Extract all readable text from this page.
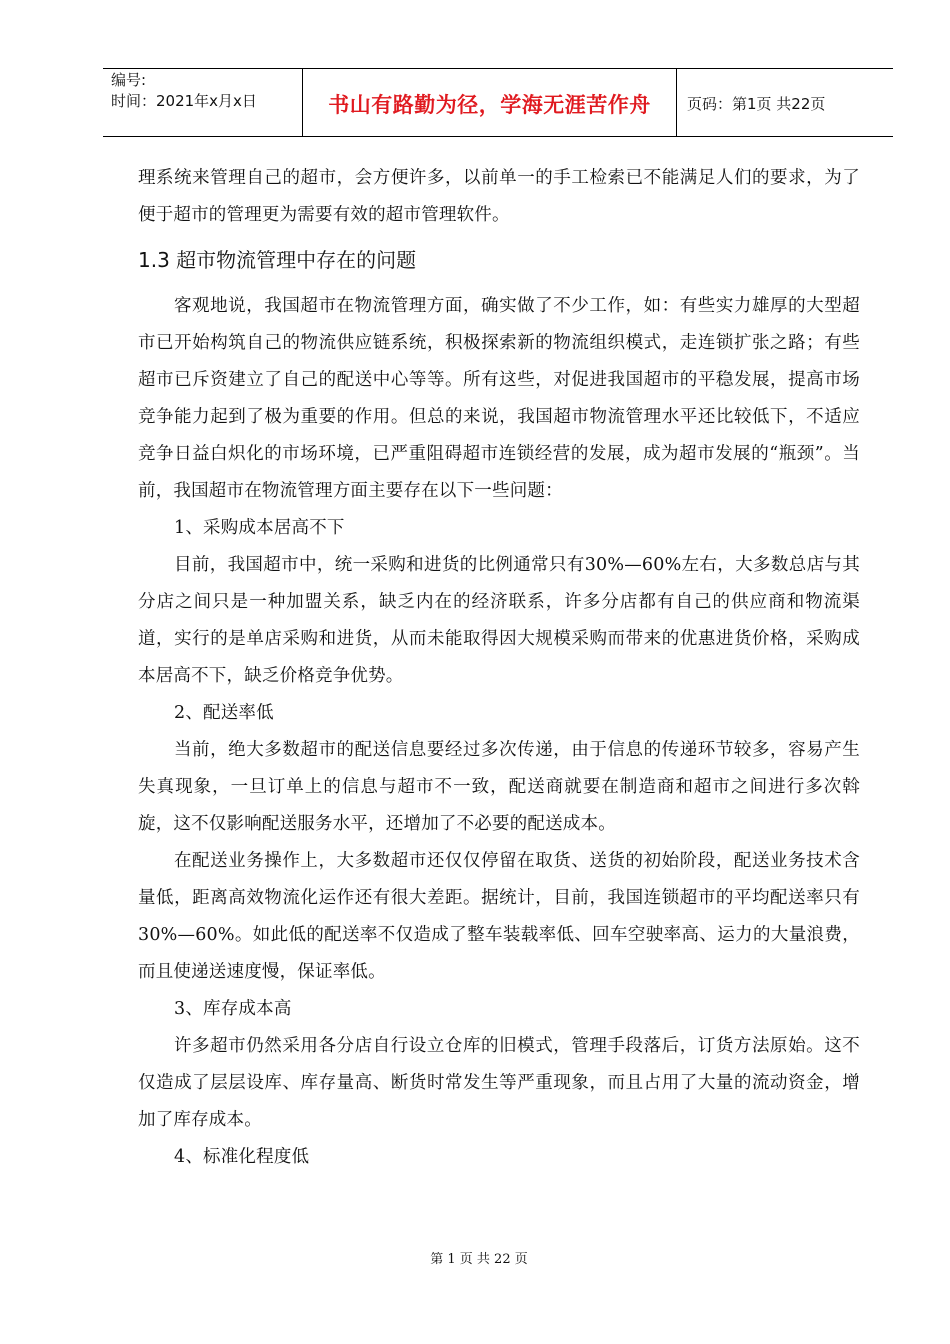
编号:
时间：2021年x月x日	书山有路勤为径，学海无涯苦作舟	页码：第1页 共22页

理系统来管理自己的超市，会方便许多，以前单一的手工检索已不能满足人们的要求，为了便于超市的管理更为需要有效的超市管理软件。

1.3 超市物流管理中存在的问题

客观地说，我国超市在物流管理方面，确实做了不少工作，如：有些实力雄厚的大型超市已开始构筑自己的物流供应链系统，积极探索新的物流组织模式，走连锁扩张之路；有些超市已斥资建立了自己的配送中心等等。所有这些，对促进我国超市的平稳发展，提高市场竞争能力起到了极为重要的作用。但总的来说，我国超市物流管理水平还比较低下，不适应竞争日益白炽化的市场环境，已严重阻碍超市连锁经营的发展，成为超市发展的“瓶颈”。当前，我国超市在物流管理方面主要存在以下一些问题：

1、采购成本居高不下

目前，我国超市中，统一采购和进货的比例通常只有30%—60%左右，大多数总店与其分店之间只是一种加盟关系，缺乏内在的经济联系，许多分店都有自己的供应商和物流渠道，实行的是单店采购和进货，从而未能取得因大规模采购而带来的优惠进货价格，采购成本居高不下，缺乏价格竞争优势。

2、配送率低

当前，绝大多数超市的配送信息要经过多次传递，由于信息的传递环节较多，容易产生失真现象，一旦订单上的信息与超市不一致，配送商就要在制造商和超市之间进行多次斡旋，这不仅影响配送服务水平，还增加了不必要的配送成本。

在配送业务操作上，大多数超市还仅仅停留在取货、送货的初始阶段，配送业务技术含量低，距离高效物流化运作还有很大差距。据统计，目前，我国连锁超市的平均配送率只有30%—60%。如此低的配送率不仅造成了整车装载率低、回车空驶率高、运力的大量浪费，而且使递送速度慢，保证率低。

3、库存成本高

许多超市仍然采用各分店自行设立仓库的旧模式，管理手段落后，订货方法原始。这不仅造成了层层设库、库存量高、断货时常发生等严重现象，而且占用了大量的流动资金，增加了库存成本。

4、标准化程度低

第 1 页 共 22 页
